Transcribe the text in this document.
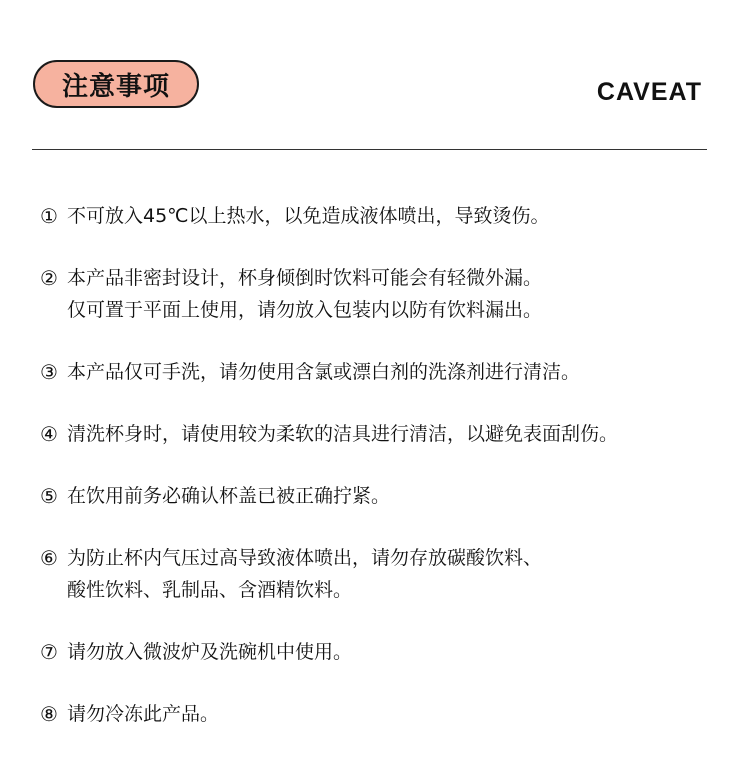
注意事项	CAVEAT
① 不可放入45℃以上热水，以免造成液体喷出，导致烫伤。
② 本产品非密封设计，杯身倾倒时饮料可能会有轻微外漏。
仅可置于平面上使用，请勿放入包装内以防有饮料漏出。
③ 本产品仅可手洗，请勿使用含氯或漂白剂的洗涤剂进行清洁。
④ 清洗杯身时，请使用较为柔软的洁具进行清洁，以避免表面刮伤。
⑤ 在饮用前务必确认杯盖已被正确拧紧。
⑥ 为防止杯内气压过高导致液体喷出，请勿存放碳酸饮料、
酸性饮料、乳制品、含酒精饮料。
⑦ 请勿放入微波炉及洗碗机中使用。
⑧ 请勿冷冻此产品。
